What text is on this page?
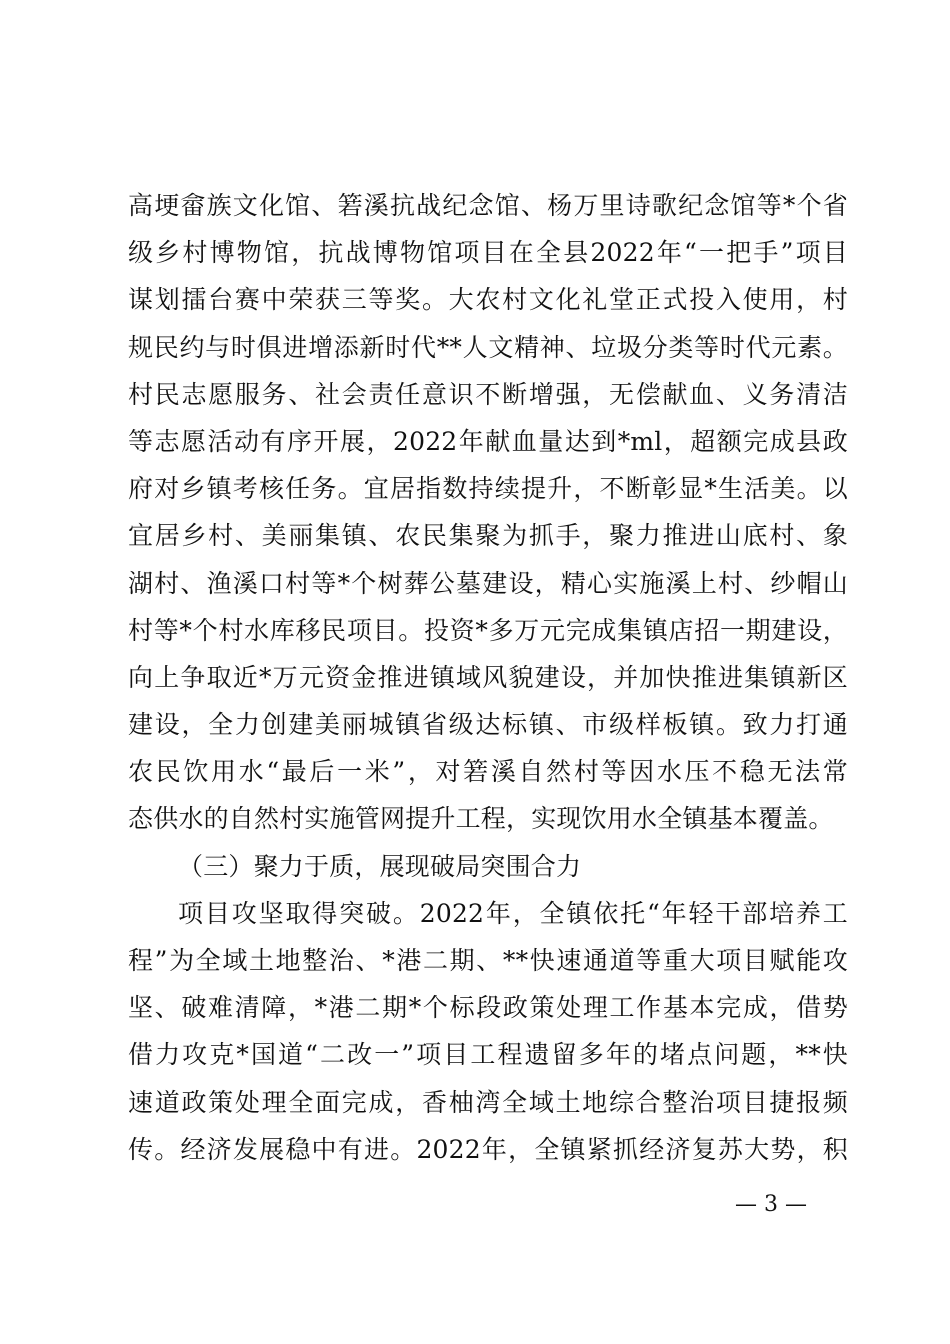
高埂畲族文化馆、箬溪抗战纪念馆、杨万里诗歌纪念馆等*个省
级乡村博物馆，抗战博物馆项目在全县2022年“一把手”项目
谋划擂台赛中荣获三等奖。大农村文化礼堂正式投入使用，村
规民约与时俱进增添新时代**人文精神、垃圾分类等时代元素。
村民志愿服务、社会责任意识不断增强，无偿献血、义务清洁
等志愿活动有序开展，2022年献血量达到*ml，超额完成县政
府对乡镇考核任务。宜居指数持续提升，不断彰显*生活美。以
宜居乡村、美丽集镇、农民集聚为抓手，聚力推进山底村、象
湖村、渔溪口村等*个树葬公墓建设，精心实施溪上村、纱帽山
村等*个村水库移民项目。投资*多万元完成集镇店招一期建设，
向上争取近*万元资金推进镇域风貌建设，并加快推进集镇新区
建设，全力创建美丽城镇省级达标镇、市级样板镇。致力打通
农民饮用水“最后一米”，对箬溪自然村等因水压不稳无法常
态供水的自然村实施管网提升工程，实现饮用水全镇基本覆盖。
（三）聚力于质，展现破局突围合力
项目攻坚取得突破。2022年，全镇依托“年轻干部培养工
程”为全域土地整治、*港二期、**快速通道等重大项目赋能攻
坚、破难清障，*港二期*个标段政策处理工作基本完成，借势
借力攻克*国道“二改一”项目工程遗留多年的堵点问题，**快
速道政策处理全面完成，香柚湾全域土地综合整治项目捷报频
传。经济发展稳中有进。2022年，全镇紧抓经济复苏大势，积
— 3 —
